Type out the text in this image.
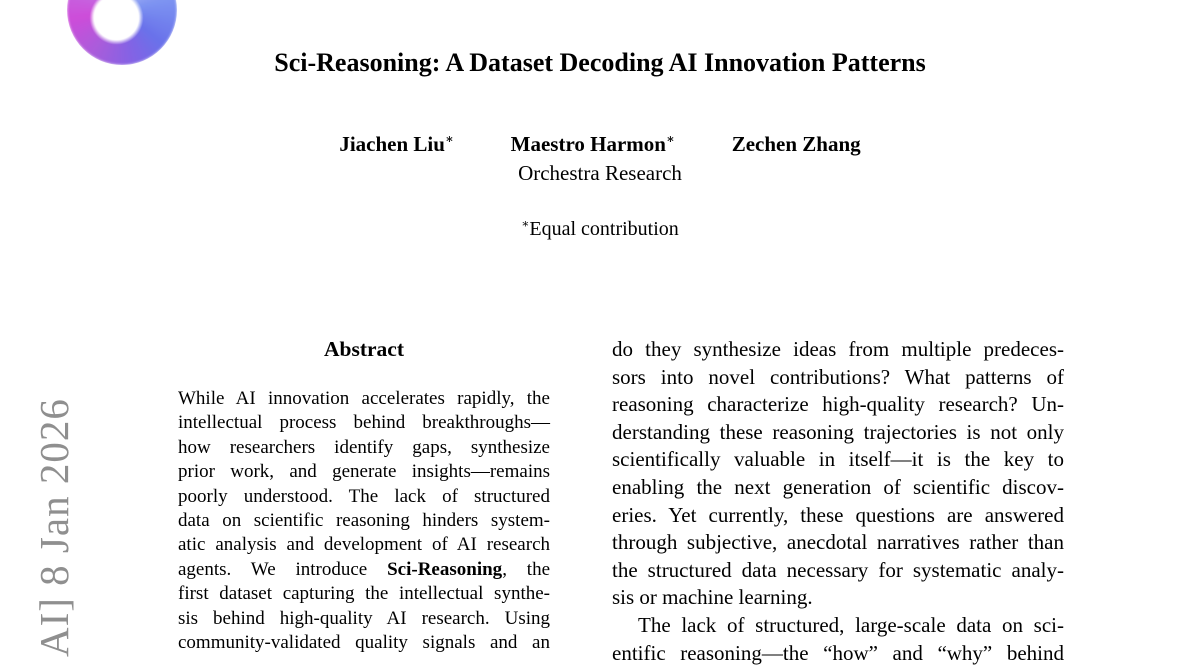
AI] 8 Jan 2026
Sci-Reasoning: A Dataset Decoding AI Innovation Patterns
Jiachen Liu∗	Maestro Harmon∗	Zechen Zhang
Orchestra Research
∗Equal contribution
Abstract
While AI innovation accelerates rapidly, the
intellectual process behind breakthroughs—
how researchers identify gaps, synthesize
prior work, and generate insights—remains
poorly understood. The lack of structured
data on scientific reasoning hinders system-
atic analysis and development of AI research
agents. We introduce Sci-Reasoning, the
first dataset capturing the intellectual synthe-
sis behind high-quality AI research. Using
community-validated quality signals and an
do they synthesize ideas from multiple predeces-
sors into novel contributions? What patterns of
reasoning characterize high-quality research? Un-
derstanding these reasoning trajectories is not only
scientifically valuable in itself—it is the key to
enabling the next generation of scientific discov-
eries. Yet currently, these questions are answered
through subjective, anecdotal narratives rather than
the structured data necessary for systematic analy-
sis or machine learning.
The lack of structured, large-scale data on sci-
entific reasoning—the “how” and “why” behind
